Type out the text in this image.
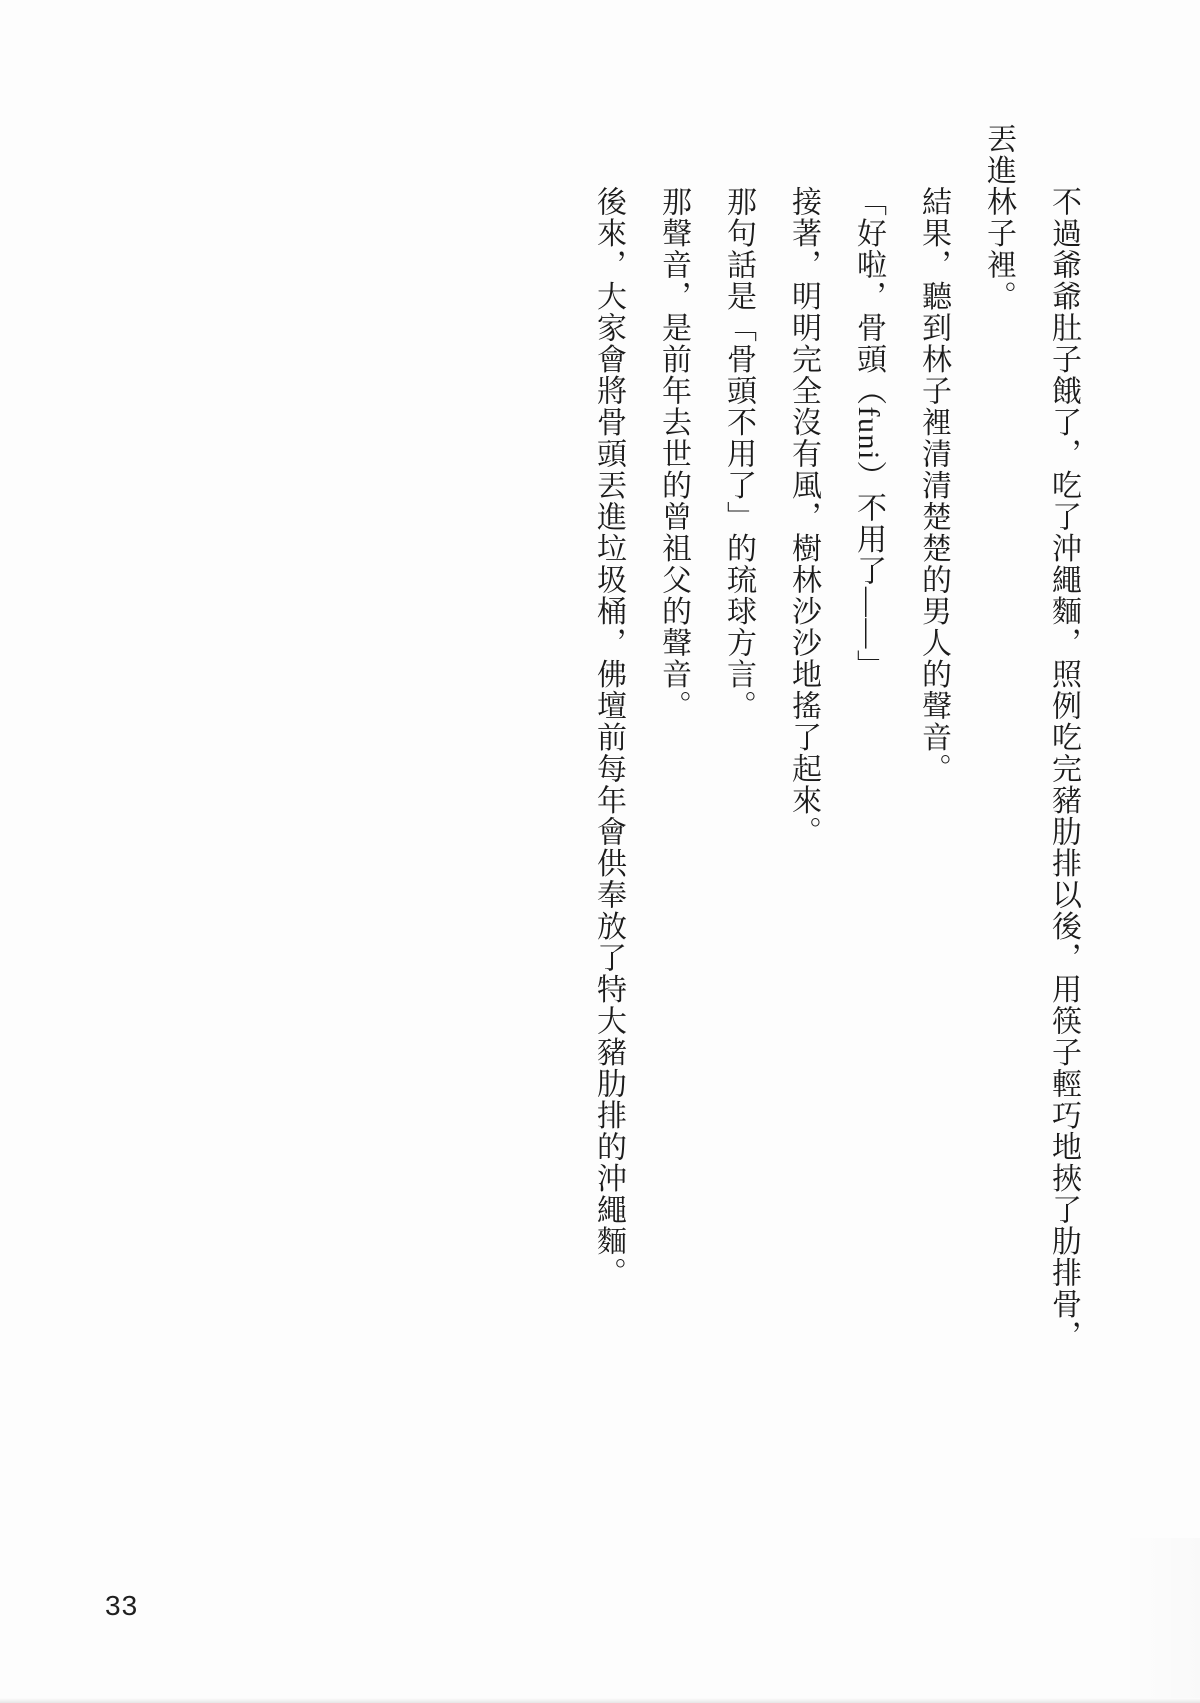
不過爺爺肚子餓了，吃了沖繩麵，照例吃完豬肋排以後，用筷子輕巧地挾了肋排骨，丟進林子裡。

結果，聽到林子裡清清楚楚的男人的聲音。

「好啦，骨頭（funi）不用了——」

接著，明明完全沒有風，樹林沙沙地搖了起來。

那句話是「骨頭不用了」的琉球方言。

那聲音，是前年去世的曾祖父的聲音。

後來，大家會將骨頭丟進垃圾桶，佛壇前每年會供奉放了特大豬肋排的沖繩麵。

33
